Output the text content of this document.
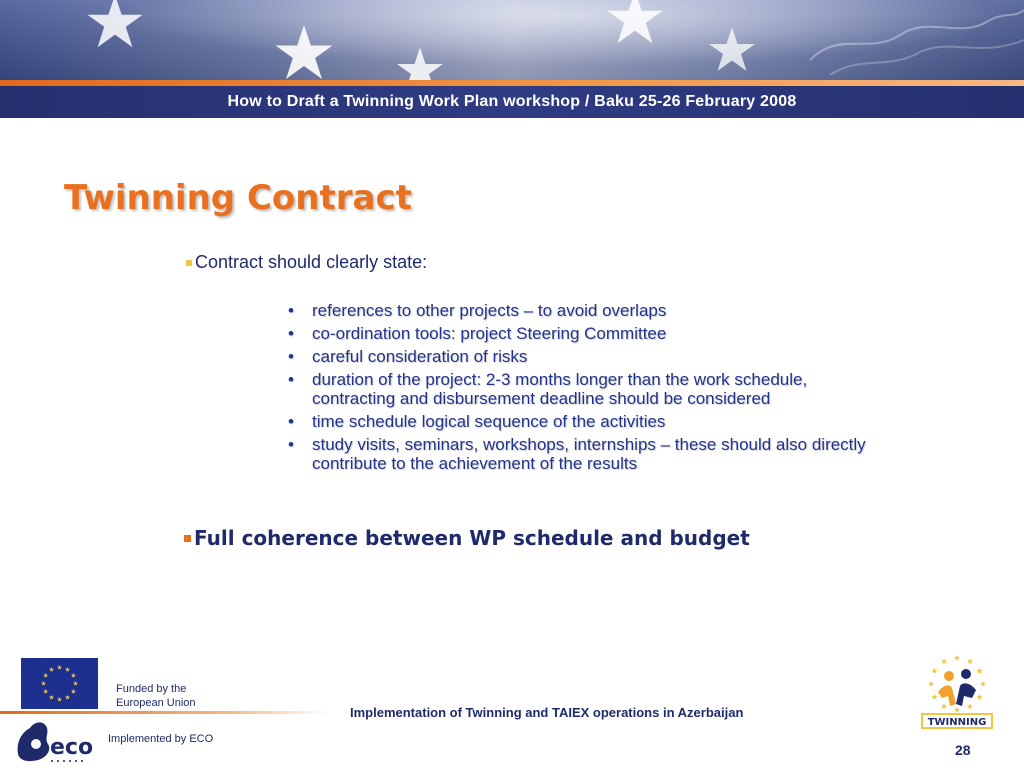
How to Draft a Twinning Work Plan workshop / Baku 25-26 February 2008
Twinning Contract
Contract should clearly state:
• references to other projects – to avoid overlaps
• co-ordination tools: project Steering Committee
• careful consideration of risks
• duration of the project: 2-3 months longer than the work schedule, contracting and disbursement deadline should be considered
• time schedule logical sequence of the activities
• study visits, seminars, workshops, internships – these should also directly contribute to the achievement of the results
Full coherence between WP schedule and budget
Funded by the
European Union
eco Implemented by ECO
Implementation of Twinning and TAIEX operations in Azerbaijan
TWINNING
28
